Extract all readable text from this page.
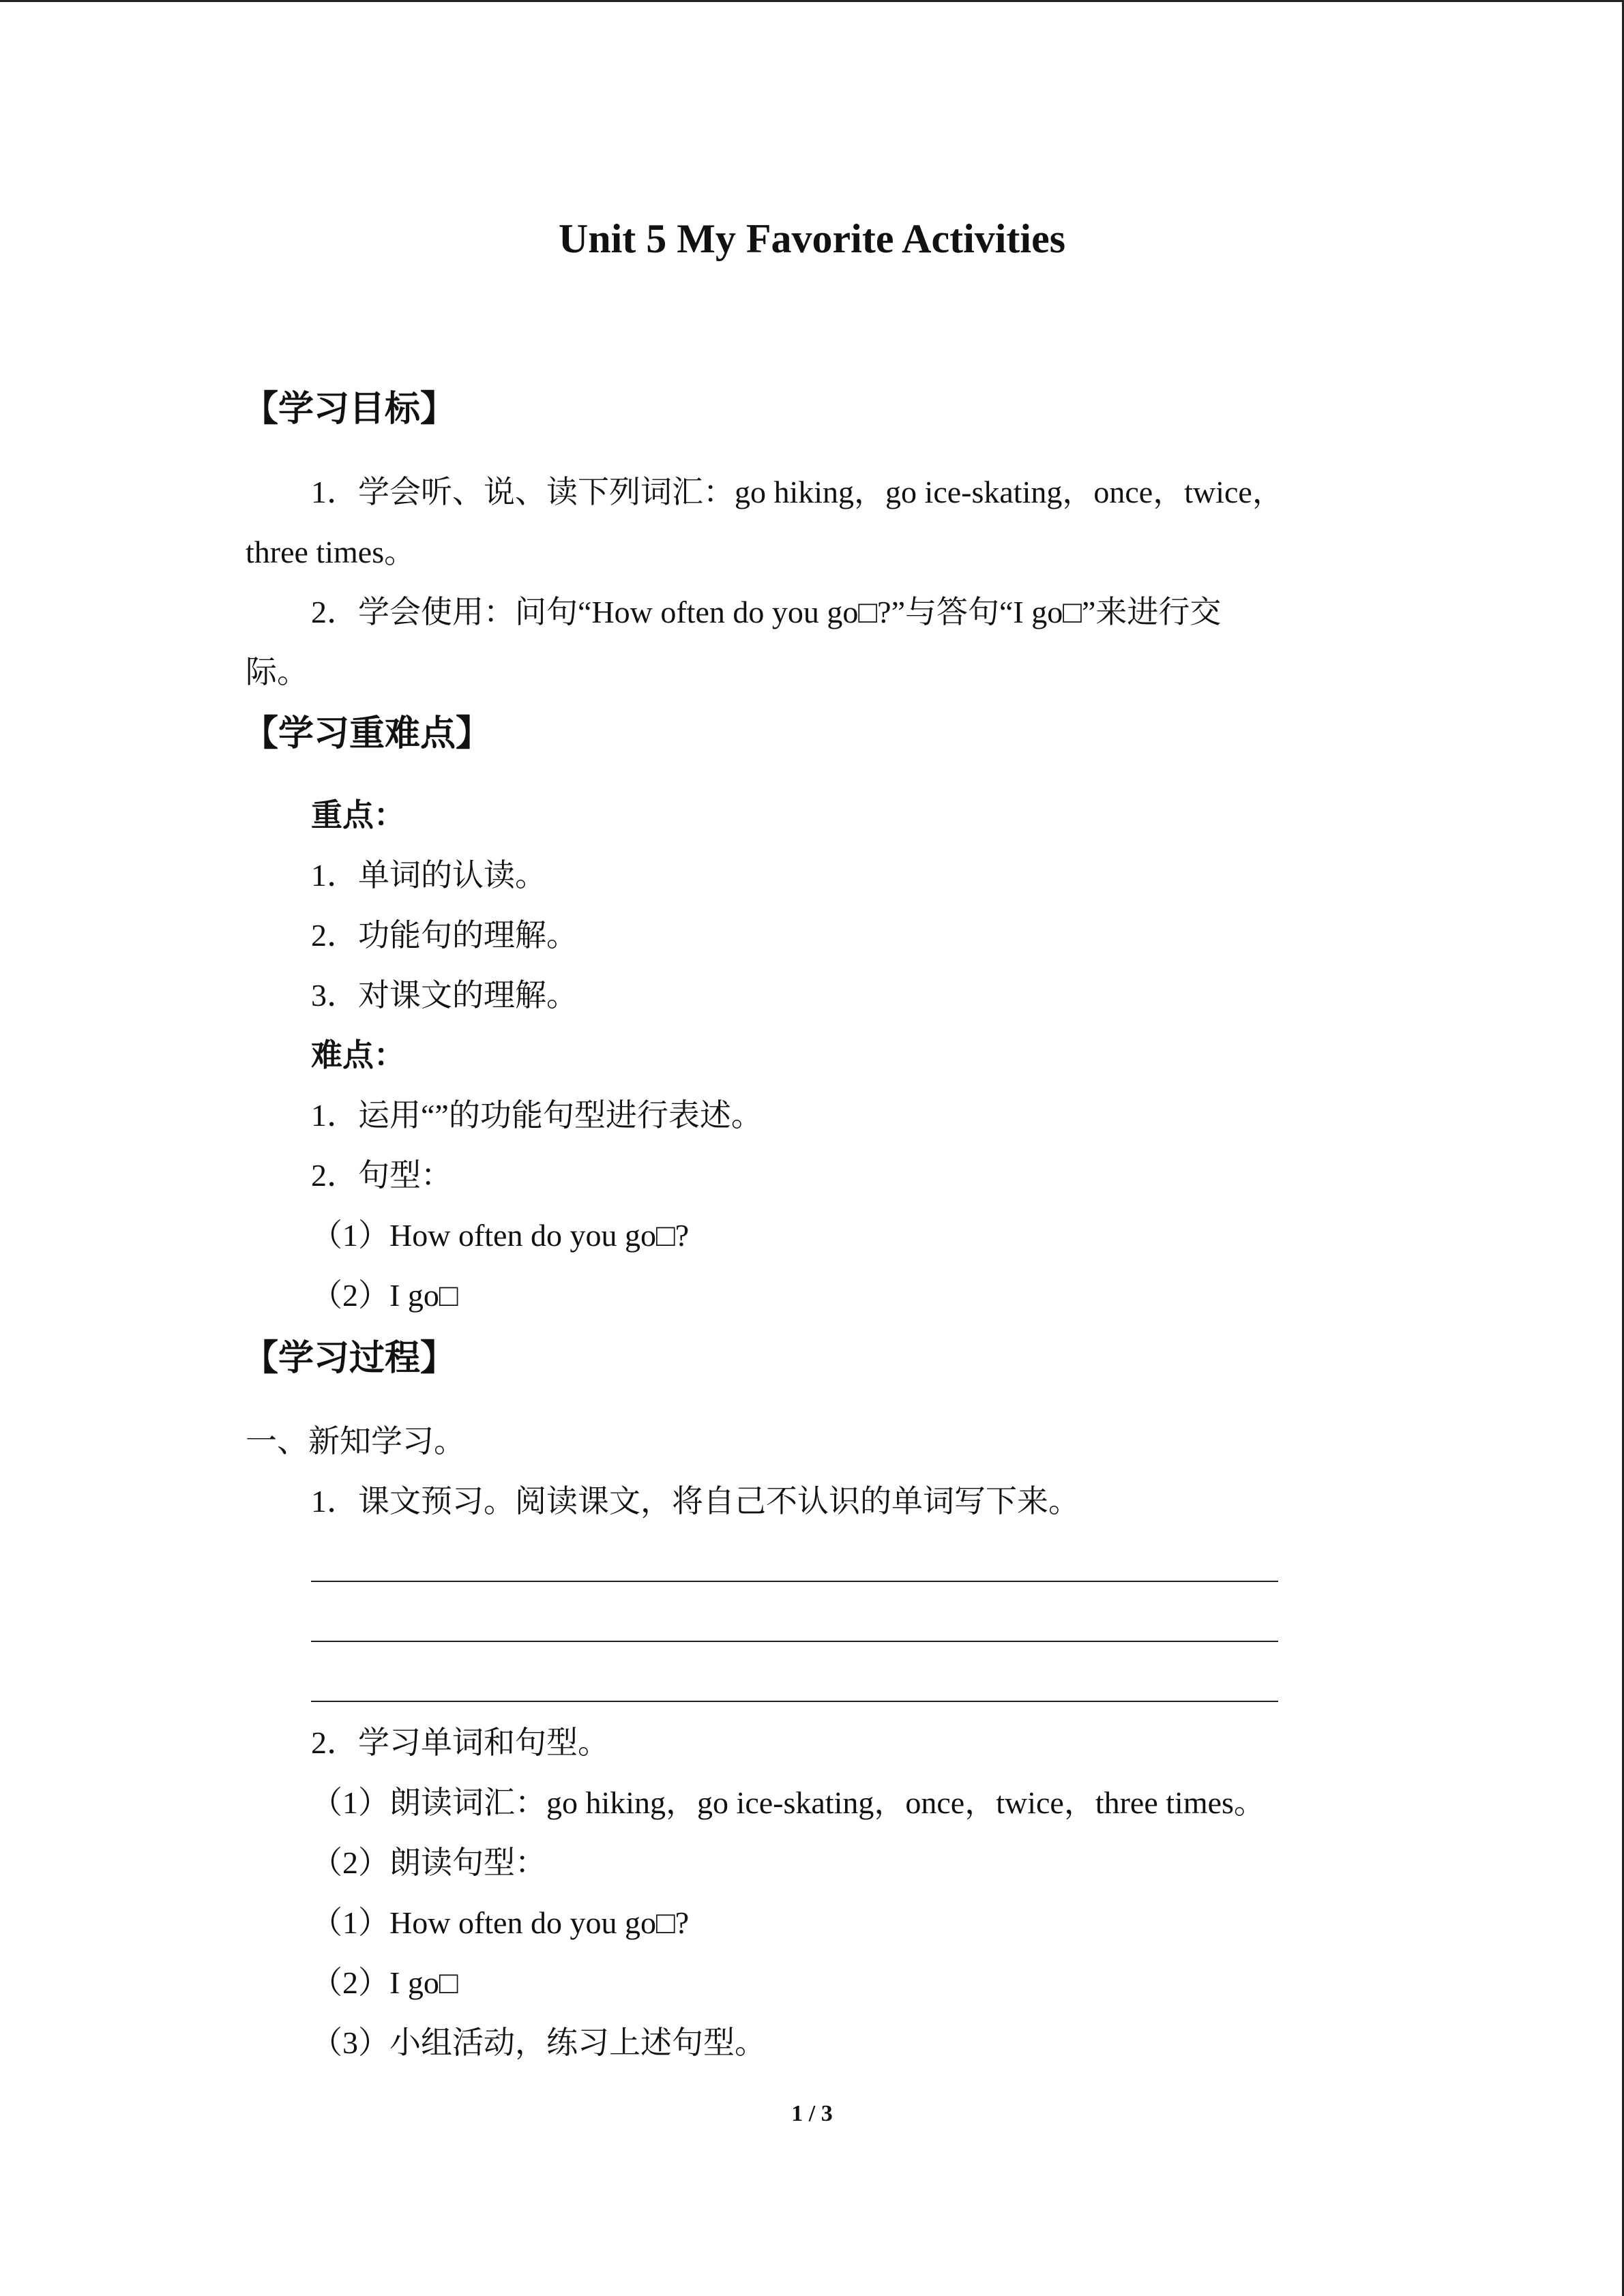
Unit 5 My Favorite Activities
【学习目标】
1．学会听、说、读下列词汇：go hiking，go ice-skating，once，twice，
three times。
2．学会使用：问句“How often do you go□?”与答句“I go□”来进行交
际。
【学习重难点】
重点：
1．单词的认读。
2．功能句的理解。
3．对课文的理解。
难点：
1．运用“”的功能句型进行表述。
2．句型：
（1）How often do you go□?
（2）I go□
【学习过程】
一、新知学习。
1．课文预习。阅读课文，将自己不认识的单词写下来。
2．学习单词和句型。
（1）朗读词汇：go hiking，go ice-skating，once，twice，three times。
（2）朗读句型：
（1）How often do you go□?
（2）I go□
（3）小组活动，练习上述句型。
1 / 3
